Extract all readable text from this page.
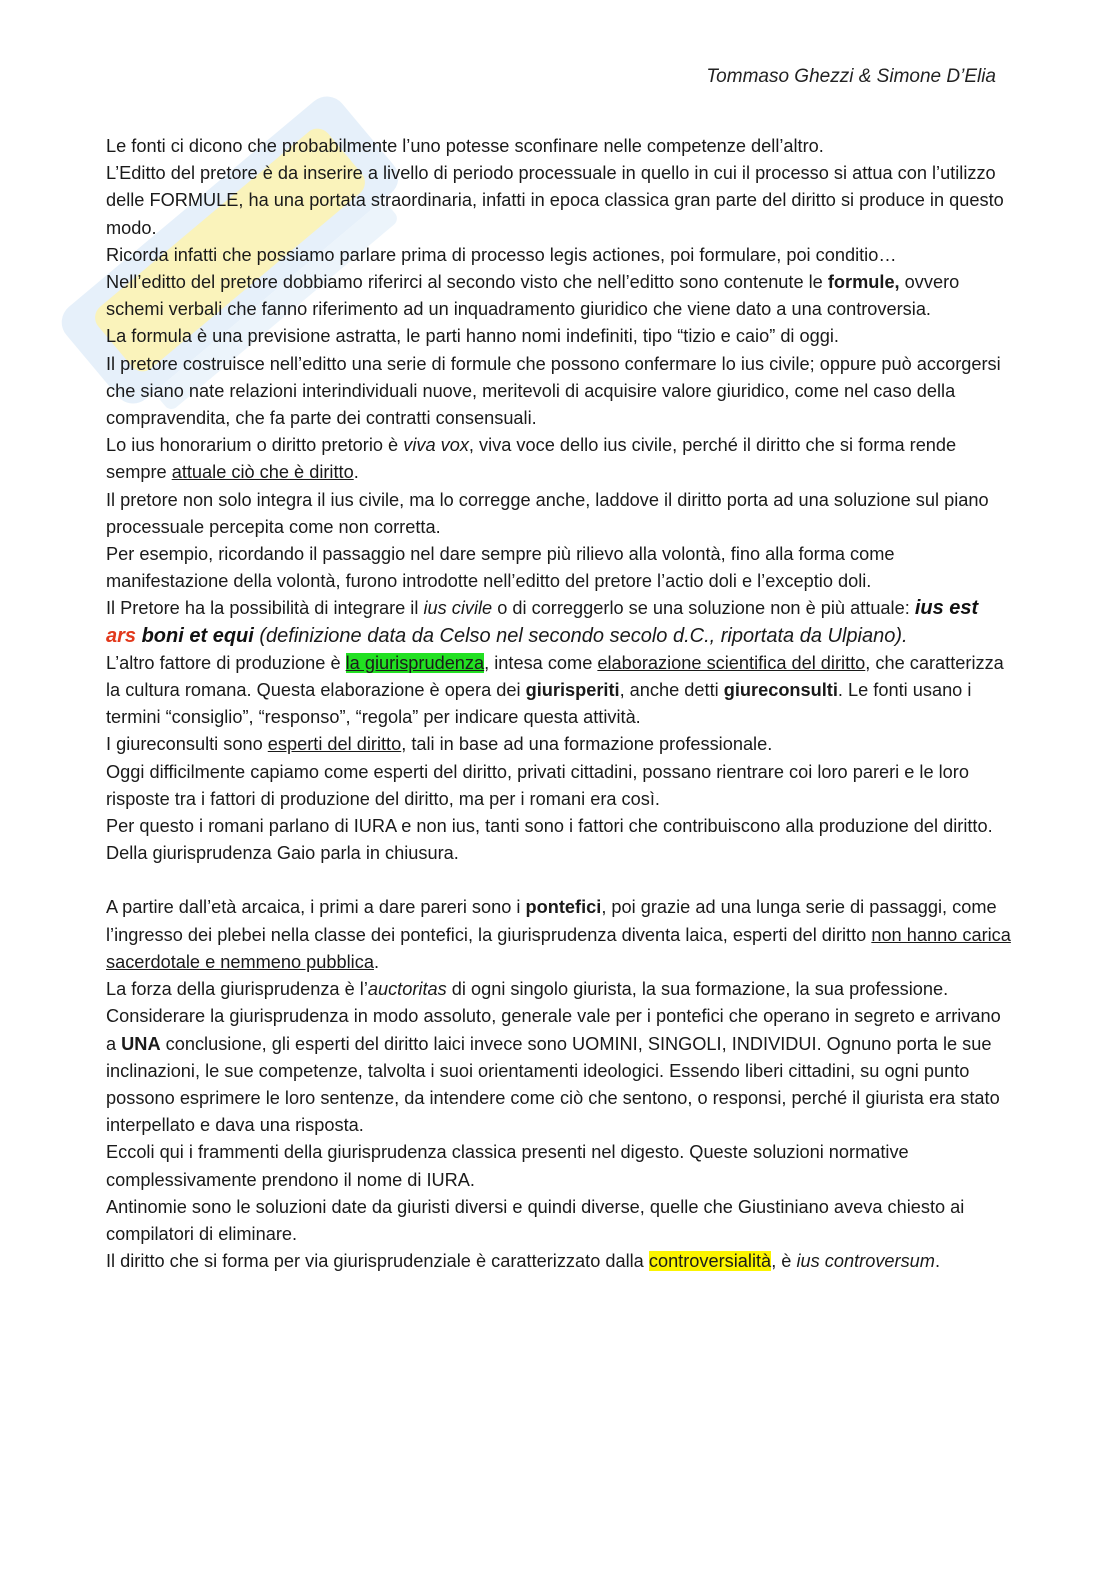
Tommaso Ghezzi & Simone D’Elia

Le fonti ci dicono che probabilmente l’uno potesse sconfinare nelle competenze dell’altro.

L’Editto del pretore è da inserire a livello di periodo processuale in quello in cui il processo si attua con l’utilizzo delle FORMULE, ha una portata straordinaria, infatti in epoca classica gran parte del diritto si produce in questo modo.

Ricorda infatti che possiamo parlare prima di processo legis actiones, poi formulare, poi conditio…

Nell’editto del pretore dobbiamo riferirci al secondo visto che nell’editto sono contenute le formule, ovvero schemi verbali che fanno riferimento ad un inquadramento giuridico che viene dato a una controversia.

La formula è una previsione astratta, le parti hanno nomi indefiniti, tipo “tizio e caio” di oggi.

Il pretore costruisce nell’editto una serie di formule che possono confermare lo ius civile; oppure può accorgersi che siano nate relazioni interindividuali nuove, meritevoli di acquisire valore giuridico, come nel caso della compravendita, che fa parte dei contratti consensuali.

Lo ius honorarium o diritto pretorio è viva vox, viva voce dello ius civile, perché il diritto che si forma rende sempre attuale ciò che è diritto.

Il pretore non solo integra il ius civile, ma lo corregge anche, laddove il diritto porta ad una soluzione sul piano processuale percepita come non corretta.

Per esempio, ricordando il passaggio nel dare sempre più rilievo alla volontà, fino alla forma come manifestazione della volontà, furono introdotte nell’editto del pretore l’actio doli e l’exceptio doli.

Il Pretore ha la possibilità di integrare il ius civile o di correggerlo se una soluzione non è più attuale: ius est ars boni et equi (definizione data da Celso nel secondo secolo d.C., riportata da Ulpiano).

L’altro fattore di produzione è la giurisprudenza, intesa come elaborazione scientifica del diritto, che caratterizza la cultura romana. Questa elaborazione è opera dei giurisperiti, anche detti giureconsulti. Le fonti usano i termini “consiglio”, “responso”, “regola” per indicare questa attività.

I giureconsulti sono esperti del diritto, tali in base ad una formazione professionale.

Oggi difficilmente capiamo come esperti del diritto, privati cittadini, possano rientrare coi loro pareri e le loro risposte tra i fattori di produzione del diritto, ma per i romani era così.

Per questo i romani parlano di IURA e non ius, tanti sono i fattori che contribuiscono alla produzione del diritto.

Della giurisprudenza Gaio parla in chiusura.

A partire dall’età arcaica, i primi a dare pareri sono i pontefici, poi grazie ad una lunga serie di passaggi, come l’ingresso dei plebei nella classe dei pontefici, la giurisprudenza diventa laica, esperti del diritto non hanno carica sacerdotale e nemmeno pubblica.

La forza della giurisprudenza è l’auctoritas di ogni singolo giurista, la sua formazione, la sua professione.

Considerare la giurisprudenza in modo assoluto, generale vale per i pontefici che operano in segreto e arrivano a UNA conclusione, gli esperti del diritto laici invece sono UOMINI, SINGOLI, INDIVIDUI. Ognuno porta le sue inclinazioni, le sue competenze, talvolta i suoi orientamenti ideologici. Essendo liberi cittadini, su ogni punto possono esprimere le loro sentenze, da intendere come ciò che sentono, o responsi, perché il giurista era stato interpellato e dava una risposta.

Eccoli qui i frammenti della giurisprudenza classica presenti nel digesto. Queste soluzioni normative complessivamente prendono il nome di IURA.

Antinomie sono le soluzioni date da giuristi diversi e quindi diverse, quelle che Giustiniano aveva chiesto ai compilatori di eliminare.

Il diritto che si forma per via giurisprudenziale è caratterizzato dalla controversialità, è ius controversum.
